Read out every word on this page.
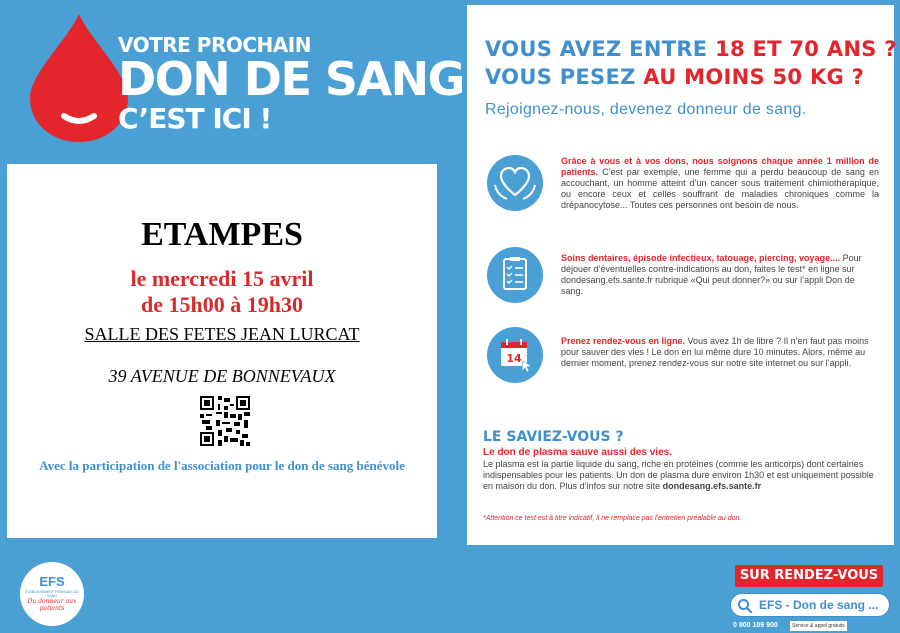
VOTRE PROCHAIN
DON DE SANG
C’EST ICI !
ETAMPES
le mercredi 15 avril
de 15h00 à 19h30
SALLE DES FETES JEAN LURCAT
39 AVENUE DE BONNEVAUX
Avec la participation de l'association pour le don de sang bénévole
VOUS AVEZ ENTRE 18 ET 70 ANS ?
VOUS PESEZ AU MOINS 50 KG ?
Rejoignez-nous, devenez donneur de sang.
Grâce à vous et à vos dons, nous soignons chaque année 1 million de patients. C’est par exemple, une femme qui a perdu beaucoup de sang en accouchant, un homme atteint d’un cancer sous traitement chimiothérapique, ou encore ceux et celles souffrant de maladies chroniques comme la drépanocytose... Toutes ces personnes ont besoin de nous.
Soins dentaires, épisode infectieux, tatouage, piercing, voyage.... Pour déjouer d’éventuelles contre-indications au don, faites le test* en ligne sur dondesang.efs.sante.fr rubrique «Qui peut donner?» ou sur l’appli Don de sang.
14
Prenez rendez-vous en ligne. Vous avez 1h de libre ? Il n’en faut pas moins pour sauver des vies ! Le don en lui même dure 10 minutes. Alors, même au dernier moment, prenez rendez-vous sur notre site internet ou sur l’appli.
LE SAVIEZ-VOUS ?
Le don de plasma sauve aussi des vies.
Le plasma est la partie liquide du sang, riche en protéines (comme les anticorps) dont certaines indispensables pour les patients. Un don de plasma dure environ 1h30 et est uniquement possible en maison du don. Plus d’infos sur notre site dondesang.efs.sante.fr
*Attention ce test est à titre indicatif, il ne remplace pas l’entretien préalable au don.
EFS
ÉTABLISSEMENT FRANÇAIS DU SANG
Du donneur aux patients
SUR RENDEZ-VOUS
EFS - Don de sang ...
0 800 109 900	Service & appel gratuits
